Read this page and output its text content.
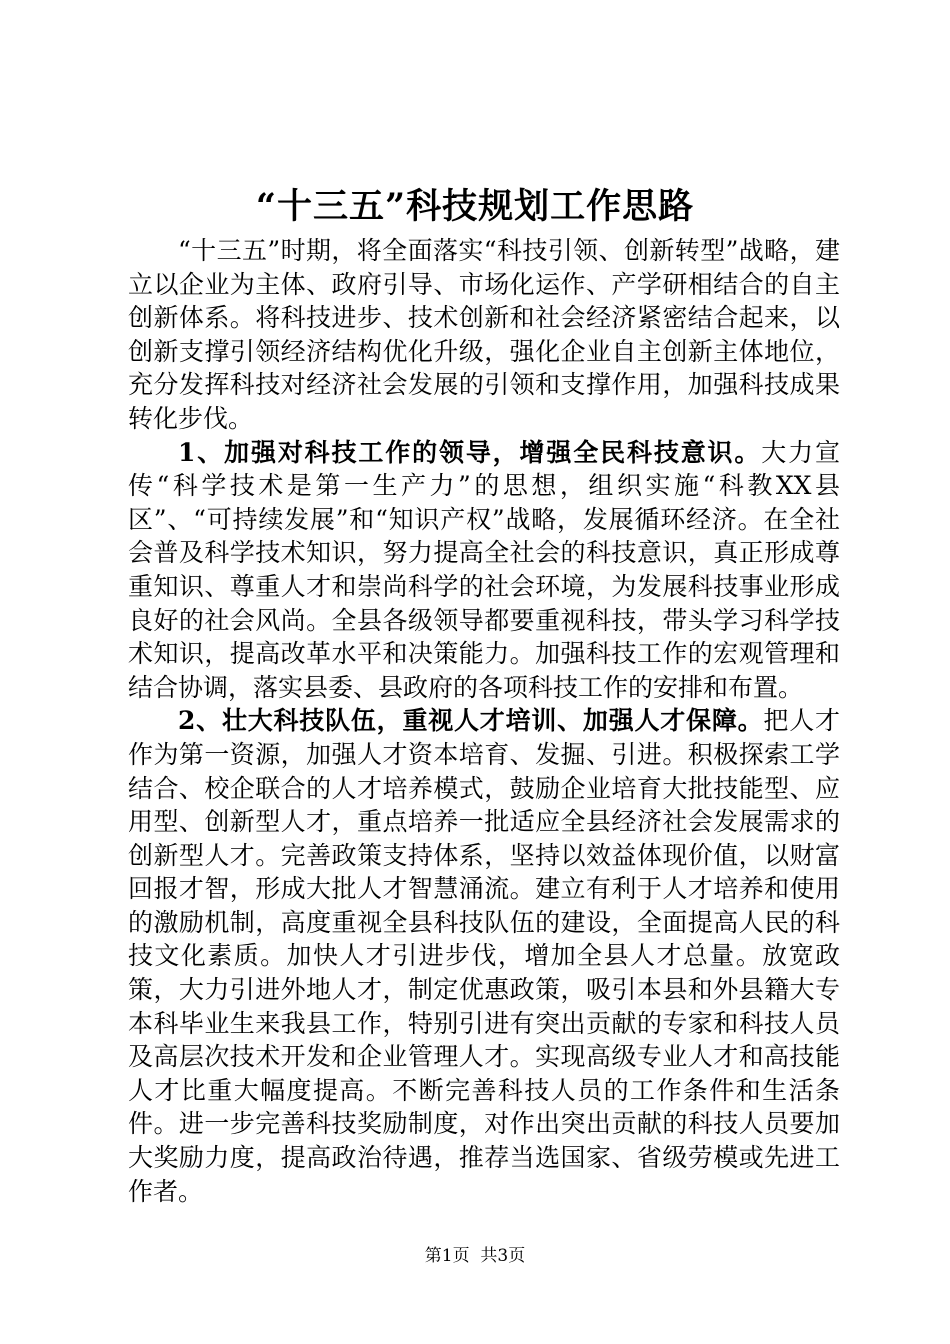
“十三五”科技规划工作思路

“十三五”时期，将全面落实“科技引领、创新转型”战略，建立以企业为主体、政府引导、市场化运作、产学研相结合的自主创新体系。将科技进步、技术创新和社会经济紧密结合起来，以创新支撑引领经济结构优化升级，强化企业自主创新主体地位，充分发挥科技对经济社会发展的引领和支撑作用，加强科技成果转化步伐。

1、加强对科技工作的领导，增强全民科技意识。大力宣传“科学技术是第一生产力”的思想，组织实施“科教XX县区”、“可持续发展”和“知识产权”战略，发展循环经济。在全社会普及科学技术知识，努力提高全社会的科技意识，真正形成尊重知识、尊重人才和崇尚科学的社会环境，为发展科技事业形成良好的社会风尚。全县各级领导都要重视科技，带头学习科学技术知识，提高改革水平和决策能力。加强科技工作的宏观管理和结合协调，落实县委、县政府的各项科技工作的安排和布置。

2、壮大科技队伍，重视人才培训、加强人才保障。把人才作为第一资源，加强人才资本培育、发掘、引进。积极探索工学结合、校企联合的人才培养模式，鼓励企业培育大批技能型、应用型、创新型人才，重点培养一批适应全县经济社会发展需求的创新型人才。完善政策支持体系，坚持以效益体现价值，以财富回报才智，形成大批人才智慧涌流。建立有利于人才培养和使用的激励机制，高度重视全县科技队伍的建设，全面提高人民的科技文化素质。加快人才引进步伐，增加全县人才总量。放宽政策，大力引进外地人才，制定优惠政策，吸引本县和外县籍大专本科毕业生来我县工作，特别引进有突出贡献的专家和科技人员及高层次技术开发和企业管理人才。实现高级专业人才和高技能人才比重大幅度提高。不断完善科技人员的工作条件和生活条件。进一步完善科技奖励制度，对作出突出贡献的科技人员要加大奖励力度，提高政治待遇，推荐当选国家、省级劳模或先进工作者。

第1页 共3页
